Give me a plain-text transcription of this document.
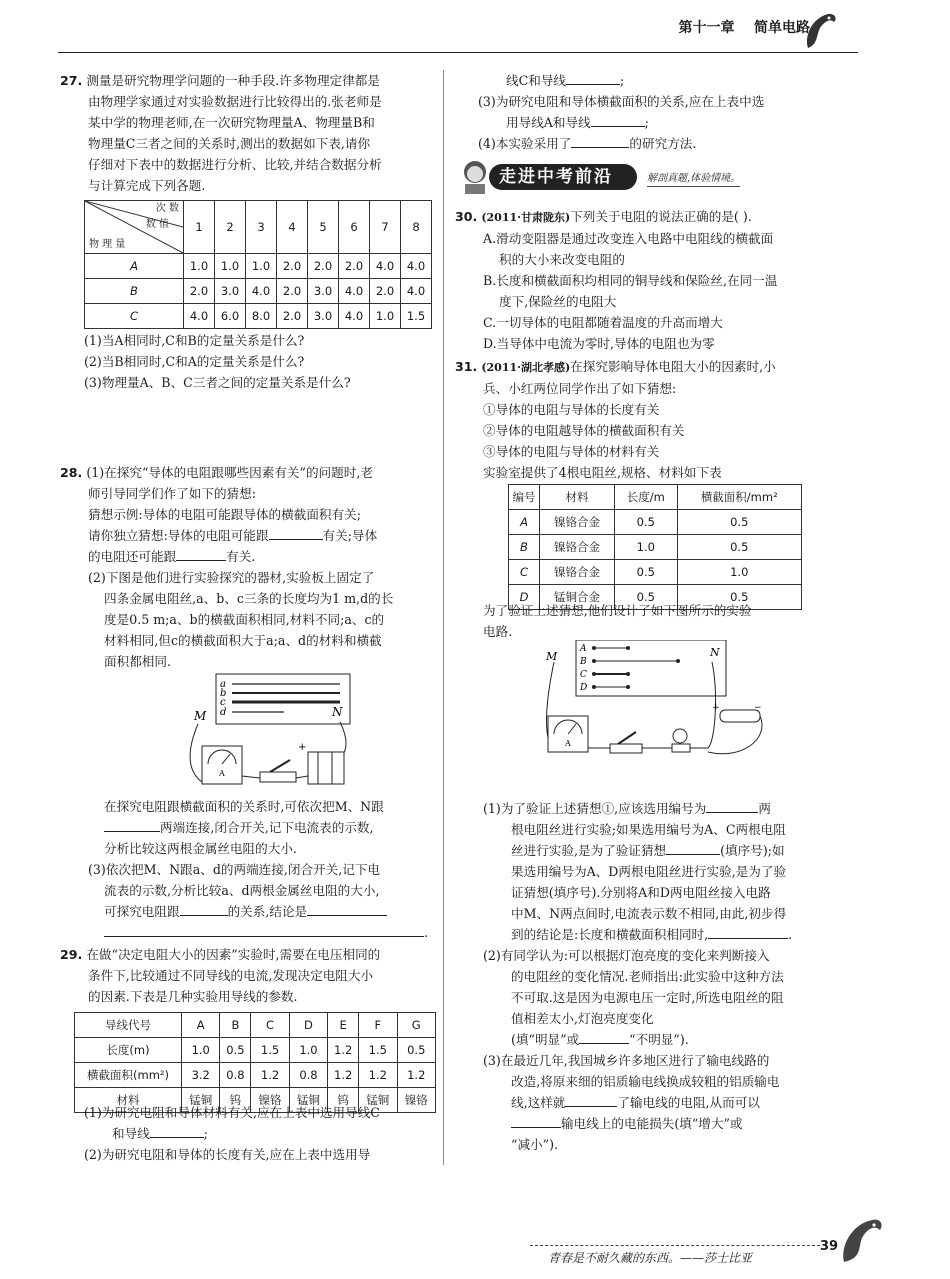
第十一章 简单电路

27. 测量是研究物理学问题的一种手段.许多物理定律都是

由物理学家通过对实验数据进行比较得出的.张老师是

某中学的物理老师,在一次研究物理量A、物理量B和

物理量C三者之间的关系时,测出的数据如下表,请你

仔细对下表中的数据进行分析、比较,并结合数据分析

与计算完成下列各题.

次 数
数 值
物 理 量	1	2	3	4	5	6	7	8
A	1.0	1.0	1.0	2.0	2.0	2.0	4.0	4.0
B	2.0	3.0	4.0	2.0	3.0	4.0	2.0	4.0
C	4.0	6.0	8.0	2.0	3.0	4.0	1.0	1.5

(1)当A相同时,C和B的定量关系是什么?

(2)当B相同时,C和A的定量关系是什么?

(3)物理量A、B、C三者之间的定量关系是什么?

28. (1)在探究“导体的电阻跟哪些因素有关”的问题时,老

师引导同学们作了如下的猜想:

猜想示例:导体的电阻可能跟导体的横截面积有关;

请你独立猜想:导体的电阻可能跟	有关;导体

的电阻还可能跟	有关.

(2)下图是他们进行实验探究的器材,实验板上固定了

四条金属电阻丝,a、b、c三条的长度均为1 m,d的长

度是0.5 m;a、b的横截面积相同,材料不同;a、c的

材料相同,但c的横截面积大于a;a、d的材料和横截

面积都相同.

a
b
c
d
M	N
A
+

在探究电阻跟横截面积的关系时,可依次把M、N跟

两端连接,闭合开关,记下电流表的示数,

分析比较这两根金属丝电阻的大小.

(3)依次把M、N跟a、d的两端连接,闭合开关,记下电

流表的示数,分析比较a、d两根金属丝电阻的大小,

可探究电阻跟	的关系,结论是

.

29. 在做“决定电阻大小的因素”实验时,需要在电压相同的

条件下,比较通过不同导线的电流,发现决定电阻大小

的因素.下表是几种实验用导线的参数.

导线代号	A	B	C	D	E	F	G
长度(m)	1.0	0.5	1.5	1.0	1.2	1.5	0.5
横截面积(mm²)	3.2	0.8	1.2	0.8	1.2	1.2	1.2
材料	锰铜	钨	镍铬	锰铜	钨	锰铜	镍铬

(1)为研究电阻和导体材料有关,应在上表中选用导线C

和导线	;

(2)为研究电阻和导体的长度有关,应在上表中选用导

线C和导线	;

(3)为研究电阻和导体横截面积的关系,应在上表中选

用导线A和导线	;

(4)本实验采用了	的研究方法.

走进中考前沿	解剖真题,体验情境。

30. (2011·甘肃陇东)下列关于电阻的说法正确的是( ).

A.滑动变阻器是通过改变连入电路中电阻线的横截面

积的大小来改变电阻的

B.长度和横截面积均相同的铜导线和保险丝,在同一温

度下,保险丝的电阻大

C.一切导体的电阻都随着温度的升高而增大

D.当导体中电流为零时,导体的电阻也为零

31. (2011·湖北孝感)在探究影响导体电阻大小的因素时,小

兵、小红两位同学作出了如下猜想:

①导体的电阻与导体的长度有关

②导体的电阻越导体的横截面积有关

③导体的电阻与导体的材料有关

实验室提供了4根电阻丝,规格、材料如下表

编号	材料	长度/m	横截面积/mm²
A	镍铬合金	0.5	0.5
B	镍铬合金	1.0	0.5
C	镍铬合金	0.5	1.0
D	锰铜合金	0.5	0.5

为了验证上述猜想,他们设计了如下图所示的实验

电路.

A
B
C
D
M	N
A
+	−

(1)为了验证上述猜想①,应该选用编号为	两

根电阻丝进行实验;如果选用编号为A、C两根电阻

丝进行实验,是为了验证猜想	(填序号);如

果选用编号为A、D两根电阻丝进行实验,是为了验

证猜想(填序号).分别将A和D两电阻丝接入电路

中M、N两点间时,电流表示数不相同,由此,初步得

到的结论是:长度和横截面积相同时,	.

(2)有同学认为:可以根据灯泡亮度的变化来判断接入

的电阻丝的变化情况.老师指出:此实验中这种方法

不可取.这是因为电源电压一定时,所选电阻丝的阻

值相差太小,灯泡亮度变化

(填“明显”或	“不明显”).

(3)在最近几年,我国城乡许多地区进行了输电线路的

改造,将原来细的铝质输电线换成较粗的铝质输电

线,这样就	了输电线的电阻,从而可以

输电线上的电能损失(填“增大”或

“减小”).

青春是不耐久藏的东西。——莎士比亚
39
